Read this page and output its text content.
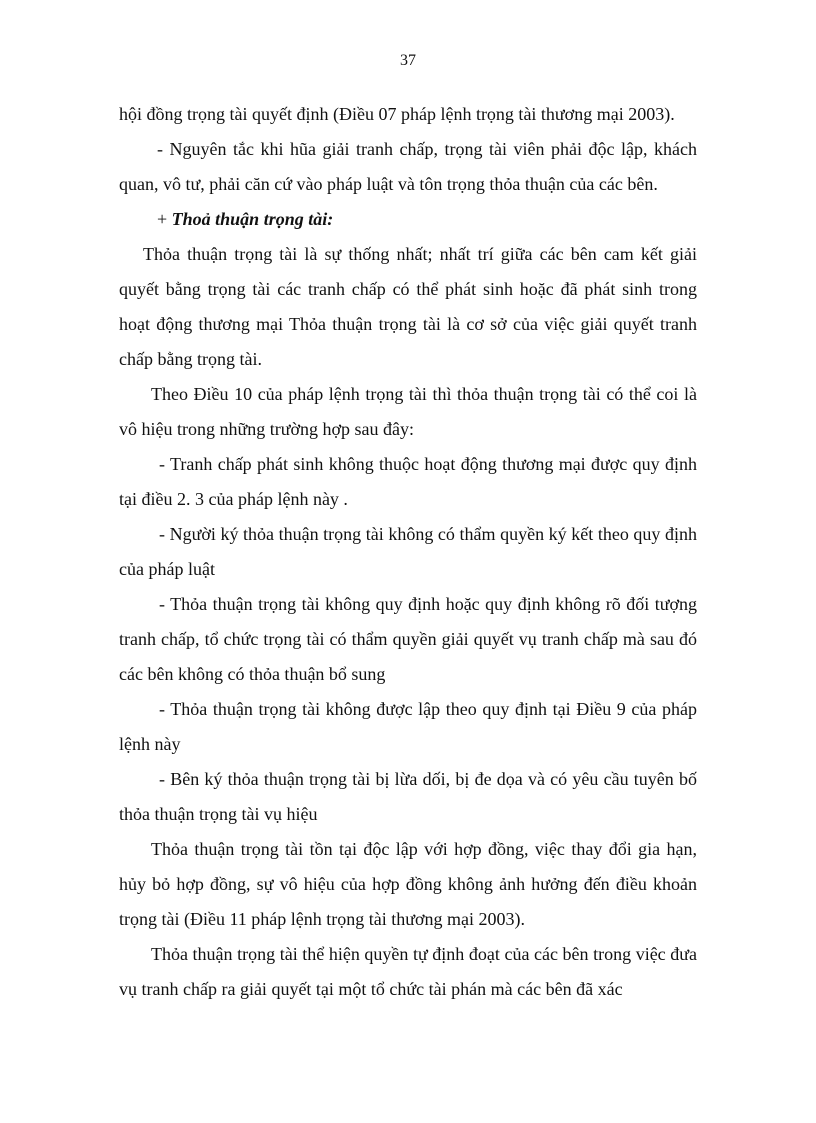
37

hội đồng trọng tài quyết định (Điều 07 pháp lệnh trọng tài thương mại 2003).

- Nguyên tắc khi hũa giải tranh chấp, trọng tài viên phải độc lập, khách quan, vô tư, phải căn cứ vào pháp luật và tôn trọng thỏa thuận của các bên.

+ Thoả thuận trọng tài:

Thỏa thuận trọng tài là sự thống nhất; nhất trí giữa các bên cam kết giải quyết bằng trọng tài các tranh chấp có thể phát sinh hoặc đã phát sinh trong hoạt động thương mại Thỏa thuận trọng tài là cơ sở của việc giải quyết tranh chấp bằng trọng tài.

Theo Điều 10 của pháp lệnh trọng tài thì thỏa thuận trọng tài có thể coi là vô hiệu trong những trường hợp sau đây:

- Tranh chấp phát sinh không thuộc hoạt động thương mại được quy định tại điều 2. 3 của pháp lệnh này .

- Người ký thỏa thuận trọng tài không có thẩm quyền ký kết theo quy định của pháp luật

- Thỏa thuận trọng tài không quy định hoặc quy định không rõ đối tượng tranh chấp, tổ chức trọng tài có thẩm quyền giải quyết vụ tranh chấp mà sau đó các bên không có thỏa thuận bổ sung

- Thỏa thuận trọng tài không được lập theo quy định tại Điều 9 của pháp lệnh này

- Bên ký thỏa thuận trọng tài bị lừa dối, bị đe dọa và có yêu cầu tuyên bố thỏa thuận trọng tài vụ hiệu

Thỏa thuận trọng tài tồn tại độc lập với hợp đồng, việc thay đổi gia hạn, hủy bỏ hợp đồng, sự vô hiệu của hợp đồng không ảnh hưởng đến điều khoản trọng tài (Điều 11 pháp lệnh trọng tài thương mại 2003).

Thỏa thuận trọng tài thể hiện quyền tự định đoạt của các bên trong việc đưa vụ tranh chấp ra giải quyết tại một tổ chức tài phán mà các bên đã xác
